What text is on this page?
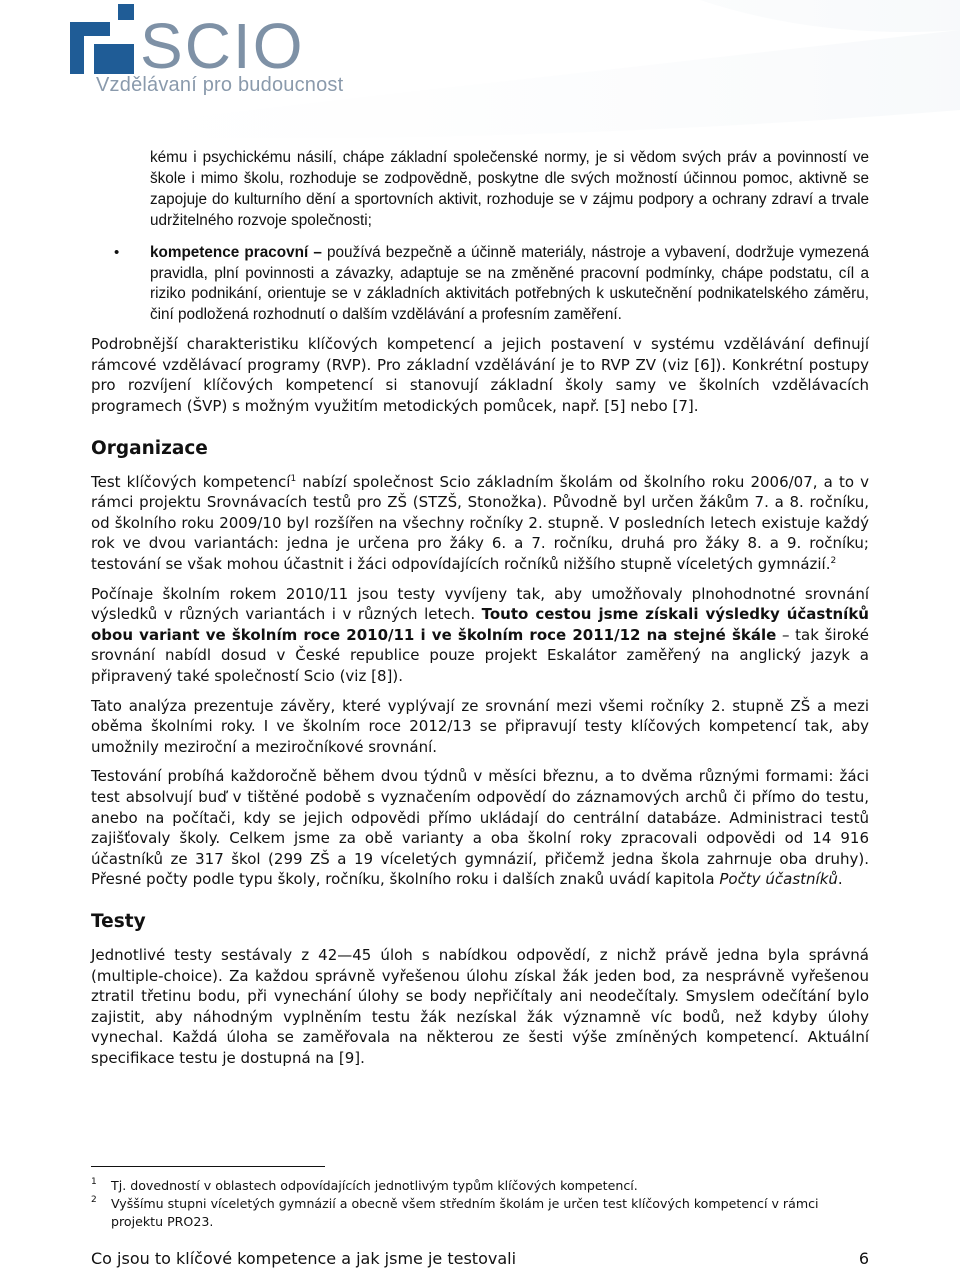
SCIO
Vzdělávaní pro budoucnost
kému i psychickému násilí, chápe základní společenské normy, je si vědom svých práv a povinností ve škole i mimo školu, rozhoduje se zodpovědně, poskytne dle svých možností účinnou pomoc, aktivně se zapojuje do kulturního dění a sportovních aktivit, rozhoduje se v zájmu podpory a ochrany zdraví a trvale udržitelného rozvoje společnosti;
• kompetence pracovní – používá bezpečně a účinně materiály, nástroje a vybavení, dodržuje vymezená pravidla, plní povinnosti a závazky, adaptuje se na změněné pracovní podmínky, chápe podstatu, cíl a riziko podnikání, orientuje se v základních aktivitách potřebných k uskutečnění podnikatelského záměru, činí podložená rozhodnutí o dalším vzdělávání a profesním zaměření.

Podrobnější charakteristiku klíčových kompetencí a jejich postavení v systému vzdělávání definují rámcové vzdělávací programy (RVP). Pro základní vzdělávání je to RVP ZV (viz [6]). Konkrétní postupy pro rozvíjení klíčových kompetencí si stanovují základní školy samy ve školních vzdělávacích programech (ŠVP) s možným využitím metodických pomůcek, např. [5] nebo [7].

Organizace

Test klíčových kompetencí$^1$ nabízí společnost Scio základním školám od školního roku 2006/07, a to v rámci projektu Srovnávacích testů pro ZŠ (STZŠ, Stonožka). Původně byl určen žákům 7. a 8. ročníku, od školního roku 2009/10 byl rozšířen na všechny ročníky 2. stupně. V posledních letech existuje každý rok ve dvou variantách: jedna je určena pro žáky 6. a 7. ročníku, druhá pro žáky 8. a 9. ročníku; testování se však mohou účastnit i žáci odpovídajících ročníků nižšího stupně víceletých gymnázií.$^2$

Počínaje školním rokem 2010/11 jsou testy vyvíjeny tak, aby umožňovaly plnohodnotné srovnání výsledků v různých variantách i v různých letech. Touto cestou jsme získali výsledky účastníků obou variant ve školním roce 2010/11 i ve školním roce 2011/12 na stejné škále – tak široké srovnání nabídl dosud v České republice pouze projekt Eskalátor zaměřený na anglický jazyk a připravený také společností Scio (viz [8]).

Tato analýza prezentuje závěry, které vyplývají ze srovnání mezi všemi ročníky 2. stupně ZŠ a mezi oběma školními roky. I ve školním roce 2012/13 se připravují testy klíčových kompetencí tak, aby umožnily meziroční a meziročníkové srovnání.

Testování probíhá každoročně během dvou týdnů v měsíci březnu, a to dvěma různými formami: žáci test absolvují buď v tištěné podobě s vyznačením odpovědí do záznamových archů či přímo do testu, anebo na počítači, kdy se jejich odpovědi přímo ukládají do centrální databáze. Administraci testů zajišťovaly školy. Celkem jsme za obě varianty a oba školní roky zpracovali odpovědi od 14 916 účastníků ze 317 škol (299 ZŠ a 19 víceletých gymnázií, přičemž jedna škola zahrnuje oba druhy). Přesné počty podle typu školy, ročníku, školního roku i dalších znaků uvádí kapitola Počty účastníků.

Testy

Jednotlivé testy sestávaly z 42—45 úloh s nabídkou odpovědí, z nichž právě jedna byla správná (multiple-choice). Za každou správně vyřešenou úlohu získal žák jeden bod, za nesprávně vyřešenou ztratil třetinu bodu, při vynechání úlohy se body nepřičítaly ani neodečítaly. Smyslem odečítání bylo zajistit, aby náhodným vyplněním testu žák nezískal žák významně víc bodů, než kdyby úlohy vynechal. Každá úloha se zaměřovala na některou ze šesti výše zmíněných kompetencí. Aktuální specifikace testu je dostupná na [9].

1 Tj. dovedností v oblastech odpovídajících jednotlivým typům klíčových kompetencí.
2 Vyššímu stupni víceletých gymnázií a obecně všem středním školám je určen test klíčových kompetencí v rámci projektu PRO23.
Co jsou to klíčové kompetence a jak jsme je testovali	6
